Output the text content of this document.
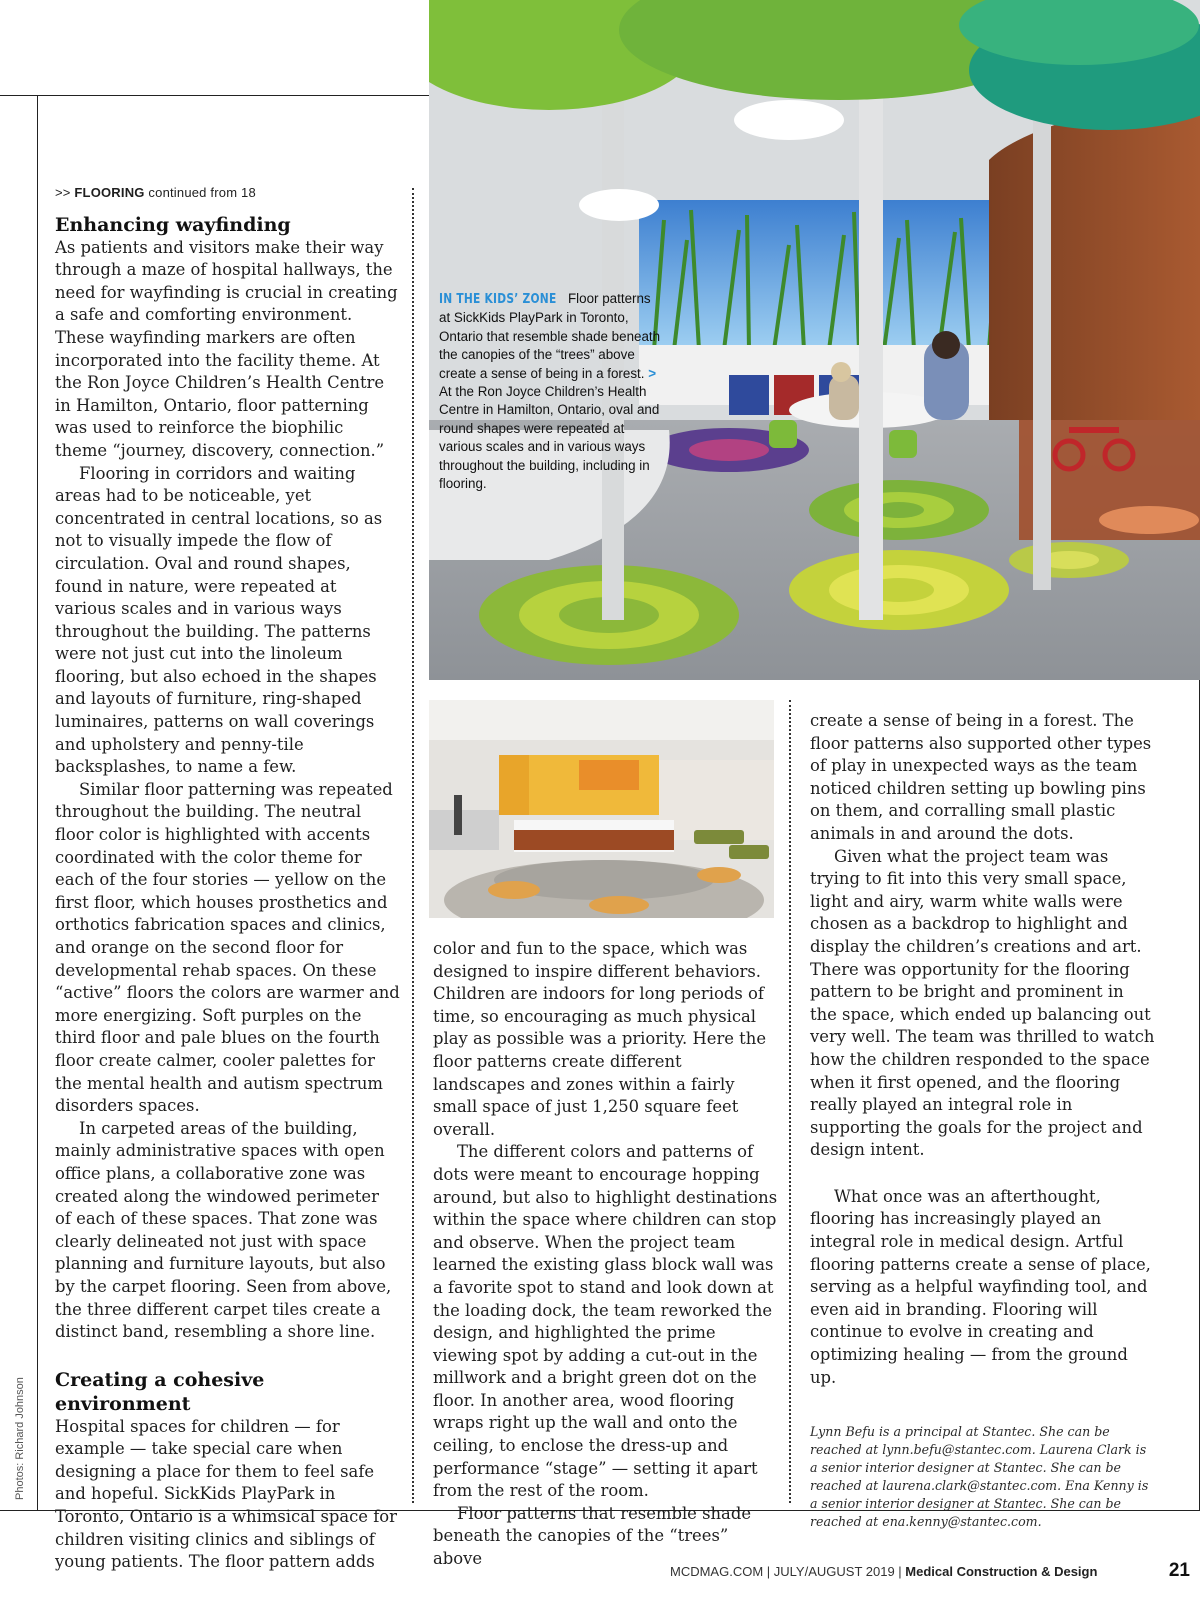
Photos: Richard Johnson
IN THE KIDS’ ZONE Floor patterns at SickKids PlayPark in Toronto, Ontario that resemble shade beneath the canopies of the “trees” above create a sense of being in a forest. > At the Ron Joyce Children’s Health Centre in Hamilton, Ontario, oval and round shapes were repeated at various scales and in various ways throughout the building, including in flooring.
>> FLOORING continued from 18
Enhancing wayfinding

As patients and visitors make their way through a maze of hospital hallways, the need for wayfinding is crucial in creating a safe and comforting environment. These wayfinding markers are often incorporated into the facility theme. At the Ron Joyce Children’s Health Centre in Hamilton, Ontario, floor patterning was used to reinforce the biophilic theme “journey, discovery, connection.”

Flooring in corridors and waiting areas had to be noticeable, yet concentrated in central locations, so as not to visually impede the flow of circulation. Oval and round shapes, found in nature, were repeated at various scales and in various ways throughout the building. The patterns were not just cut into the linoleum flooring, but also echoed in the shapes and layouts of furniture, ring-shaped luminaires, patterns on wall coverings and upholstery and penny-tile backsplashes, to name a few.

Similar floor patterning was repeated throughout the building. The neutral floor color is highlighted with accents coordinated with the color theme for each of the four stories — yellow on the first floor, which houses prosthetics and orthotics fabrication spaces and clinics, and orange on the second floor for developmental rehab spaces. On these “active” floors the colors are warmer and more energizing. Soft purples on the third floor and pale blues on the fourth floor create calmer, cooler palettes for the mental health and autism spectrum disorders spaces.

In carpeted areas of the building, mainly administrative spaces with open office plans, a collaborative zone was created along the windowed perimeter of each of these spaces. That zone was clearly delineated not just with space planning and furniture layouts, but also by the carpet flooring. Seen from above, the three different carpet tiles create a distinct band, resembling a shore line.

Creating a cohesive environment

Hospital spaces for children — for example — take special care when designing a place for them to feel safe and hopeful. SickKids PlayPark in Toronto, Ontario is a whimsical space for children visiting clinics and siblings of young patients. The floor pattern adds

color and fun to the space, which was designed to inspire different behaviors. Children are indoors for long periods of time, so encouraging as much physical play as possible was a priority. Here the floor patterns create different landscapes and zones within a fairly small space of just 1,250 square feet overall.

The different colors and patterns of dots were meant to encourage hopping around, but also to highlight destinations within the space where children can stop and observe. When the project team learned the existing glass block wall was a favorite spot to stand and look down at the loading dock, the team reworked the design, and highlighted the prime viewing spot by adding a cut-out in the millwork and a bright green dot on the floor. In another area, wood flooring wraps right up the wall and onto the ceiling, to enclose the dress-up and performance “stage” — setting it apart from the rest of the room.

Floor patterns that resemble shade beneath the canopies of the “trees” above

create a sense of being in a forest. The floor patterns also supported other types of play in unexpected ways as the team noticed children setting up bowling pins on them, and corralling small plastic animals in and around the dots.

Given what the project team was trying to fit into this very small space, light and airy, warm white walls were chosen as a backdrop to highlight and display the children’s creations and art. There was opportunity for the flooring pattern to be bright and prominent in the space, which ended up balancing out very well. The team was thrilled to watch how the children responded to the space when it first opened, and the flooring really played an integral role in supporting the goals for the project and design intent.

What once was an afterthought, flooring has increasingly played an integral role in medical design. Artful flooring patterns create a sense of place, serving as a helpful wayfinding tool, and even aid in branding. Flooring will continue to evolve in creating and optimizing healing — from the ground up.

Lynn Befu is a principal at Stantec. She can be reached at lynn.befu@stantec.com. Laurena Clark is a senior interior designer at Stantec. She can be reached at laurena.clark@stantec.com. Ena Kenny is a senior interior designer at Stantec. She can be reached at ena.kenny@stantec.com.

MCDMAG.COM | JULY/AUGUST 2019 | Medical Construction & Design	21
